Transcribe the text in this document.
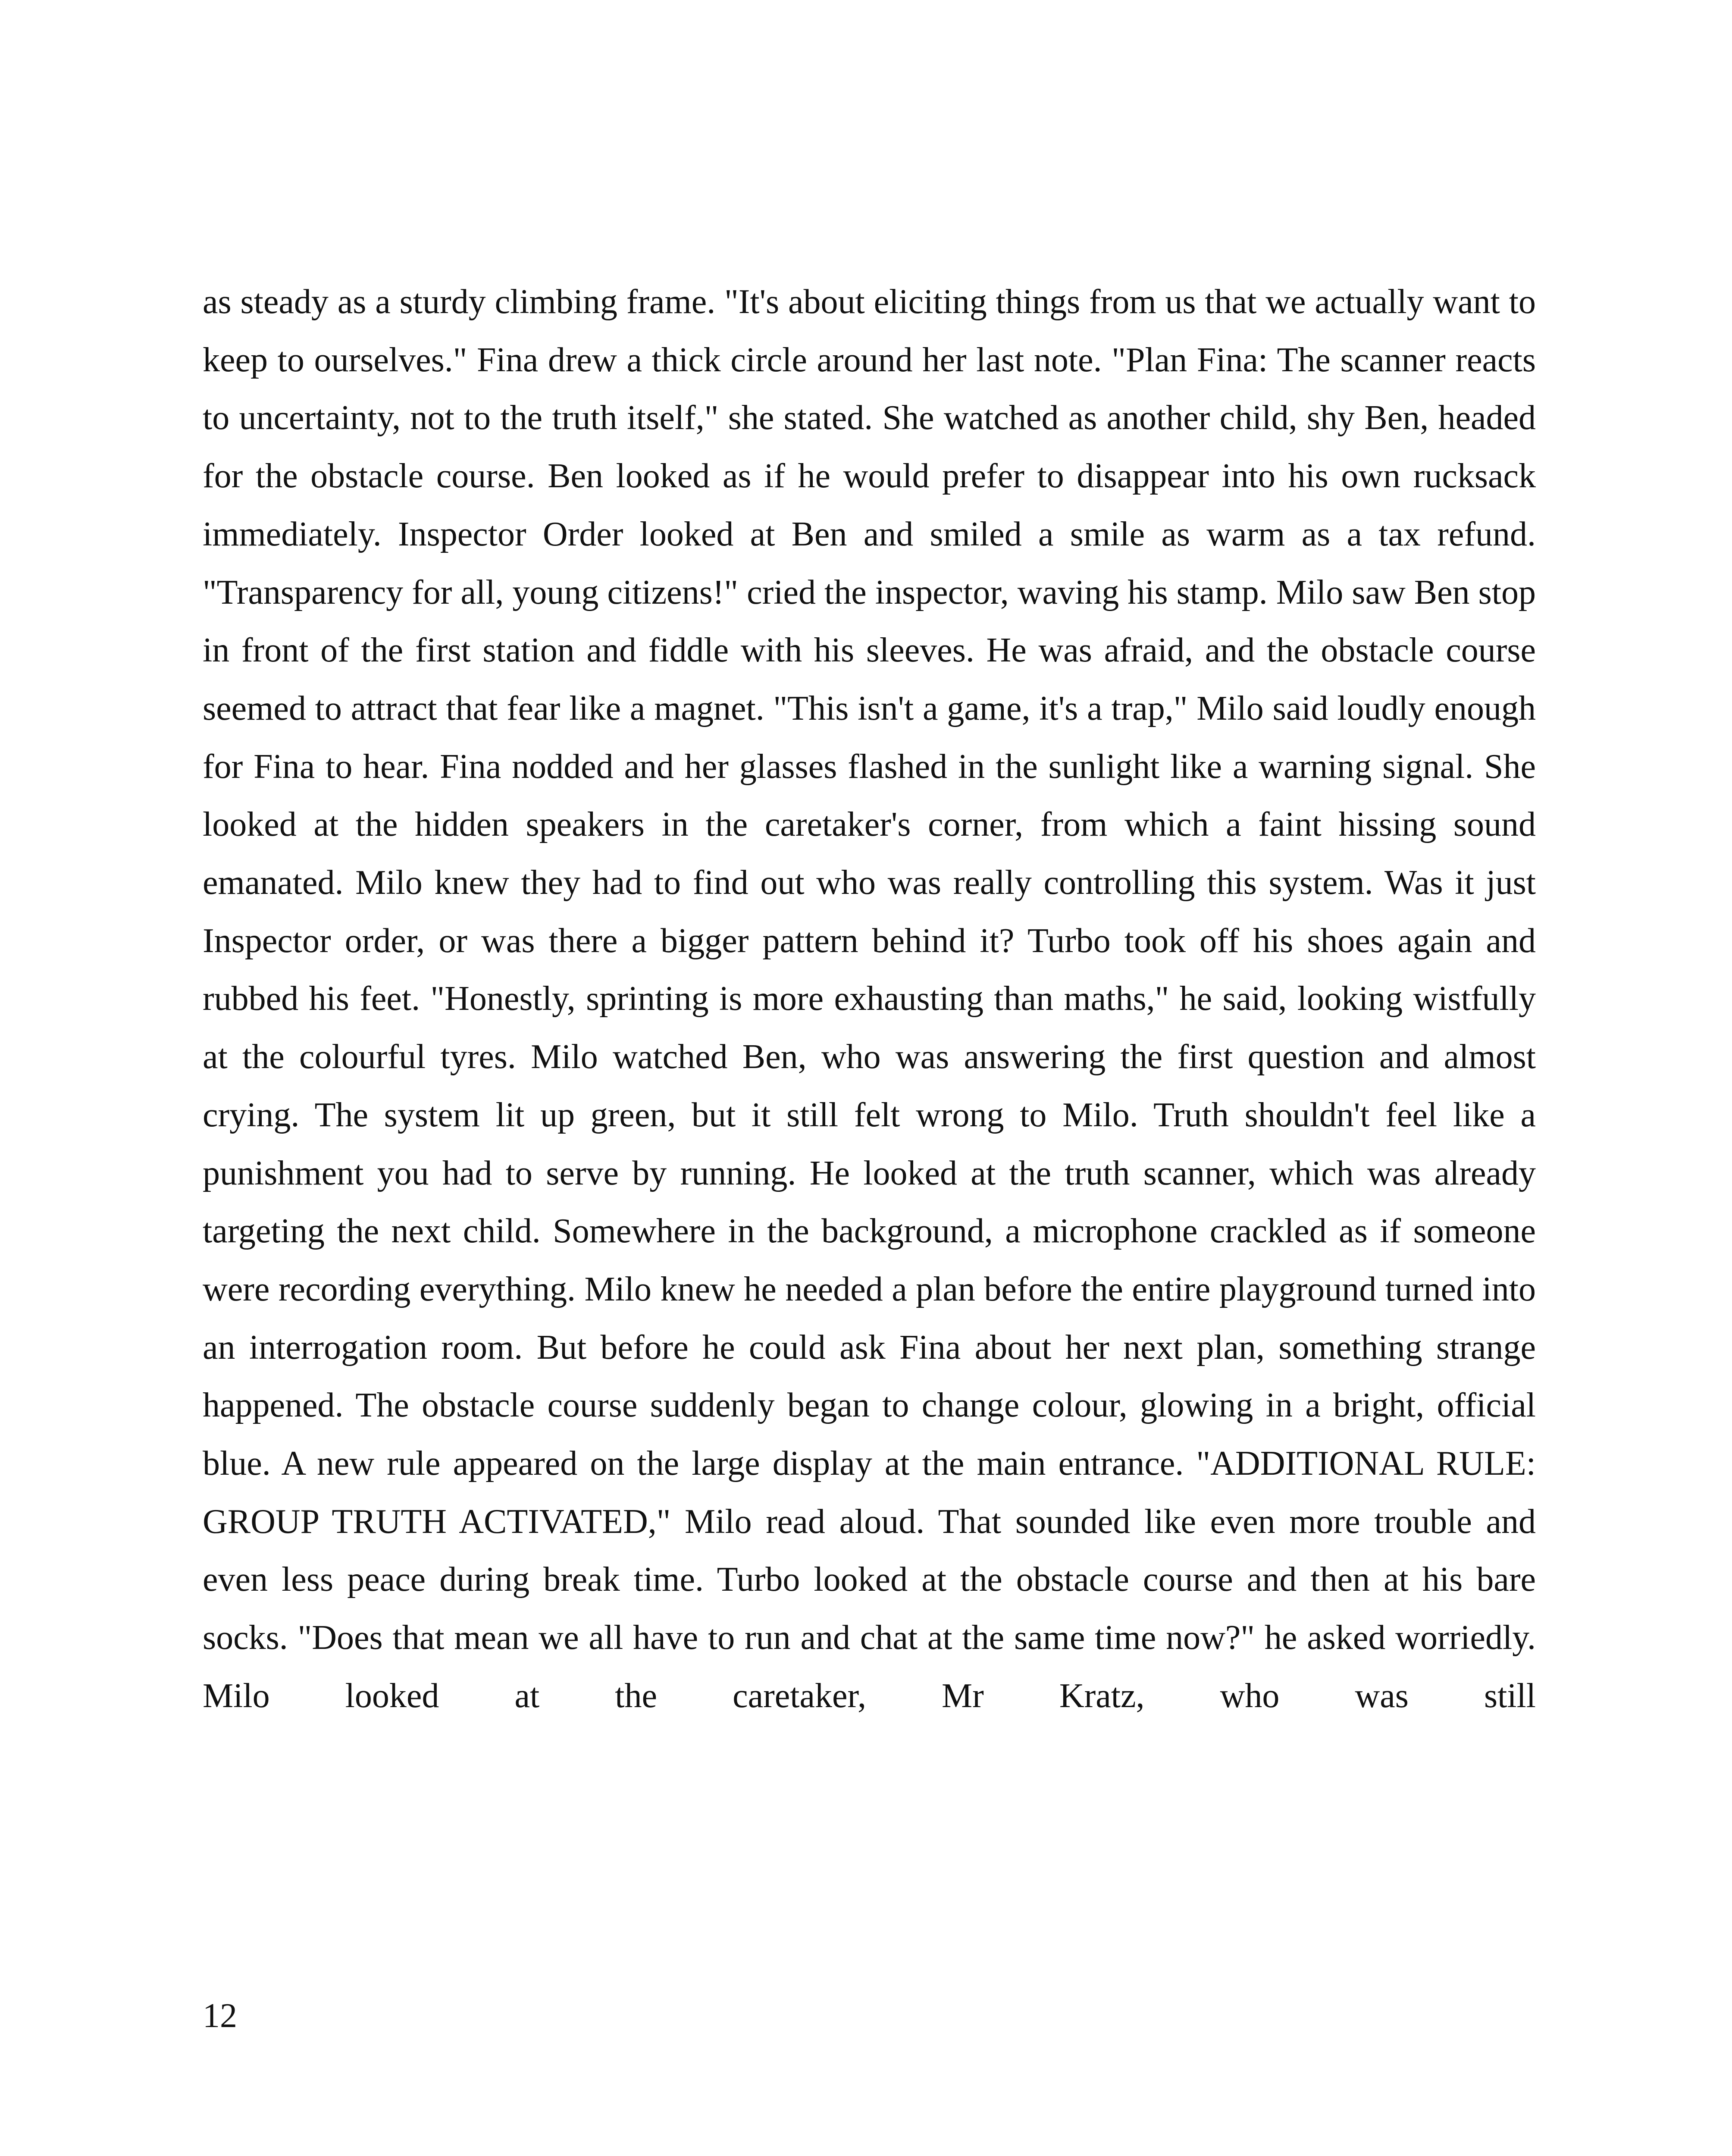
as steady as a sturdy climbing frame. "It's about eliciting things from us that we actually want to keep to ourselves." Fina drew a thick circle around her last note. "Plan Fina: The scanner reacts to uncertainty, not to the truth itself," she stated. She watched as another child, shy Ben, headed for the obstacle course. Ben looked as if he would prefer to disappear into his own rucksack immediately. Inspector Order looked at Ben and smiled a smile as warm as a tax refund. "Transparency for all, young citizens!" cried the inspector, waving his stamp. Milo saw Ben stop in front of the first station and fiddle with his sleeves. He was afraid, and the obstacle course seemed to attract that fear like a magnet. "This isn't a game, it's a trap," Milo said loudly enough for Fina to hear. Fina nodded and her glasses flashed in the sunlight like a warning signal. She looked at the hidden speakers in the caretaker's corner, from which a faint hissing sound emanated. Milo knew they had to find out who was really controlling this system. Was it just Inspector order, or was there a bigger pattern behind it? Turbo took off his shoes again and rubbed his feet. "Honestly, sprinting is more exhausting than maths," he said, looking wistfully at the colourful tyres. Milo watched Ben, who was answering the first question and almost crying. The system lit up green, but it still felt wrong to Milo. Truth shouldn't feel like a punishment you had to serve by running. He looked at the truth scanner, which was already targeting the next child. Somewhere in the background, a microphone crackled as if someone were recording everything. Milo knew he needed a plan before the entire playground turned into an interrogation room. But before he could ask Fina about her next plan, something strange happened. The obstacle course suddenly began to change colour, glowing in a bright, official blue. A new rule appeared on the large display at the main entrance. "ADDITIONAL RULE: GROUP TRUTH ACTIVATED," Milo read aloud. That sounded like even more trouble and even less peace during break time. Turbo looked at the obstacle course and then at his bare socks. "Does that mean we all have to run and chat at the same time now?" he asked worriedly. Milo looked at the caretaker, Mr Kratz, who was still

12
